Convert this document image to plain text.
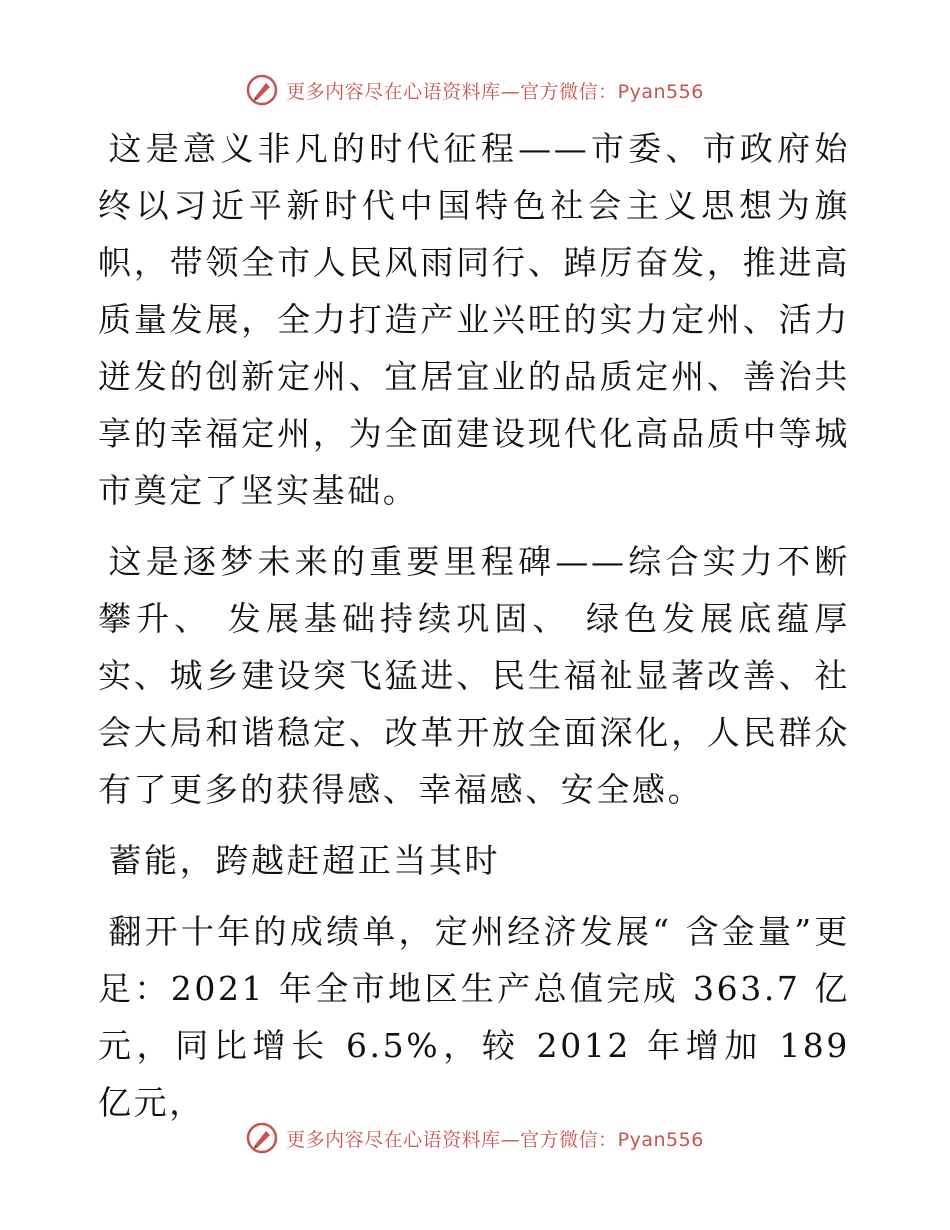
更多内容尽在心语资料库—官方微信：Pyan556

这是意义非凡的时代征程——市委、市政府始终以习近平新时代中国特色社会主义思想为旗帜，带领全市人民风雨同行、踔厉奋发，推进高质量发展，全力打造产业兴旺的实力定州、活力迸发的创新定州、宜居宜业的品质定州、善治共享的幸福定州，为全面建设现代化高品质中等城市奠定了坚实基础。

这是逐梦未来的重要里程碑——综合实力不断攀升、 发展基础持续巩固、 绿色发展底蕴厚实、城乡建设突飞猛进、民生福祉显著改善、社会大局和谐稳定、改革开放全面深化，人民群众有了更多的获得感、幸福感、安全感。

蓄能，跨越赶超正当其时

翻开十年的成绩单，定州经济发展“ 含金量”更足：2021 年全市地区生产总值完成 363.7 亿元，同比增长 6.5%，较 2012 年增加 189 亿元，

更多内容尽在心语资料库—官方微信：Pyan556
